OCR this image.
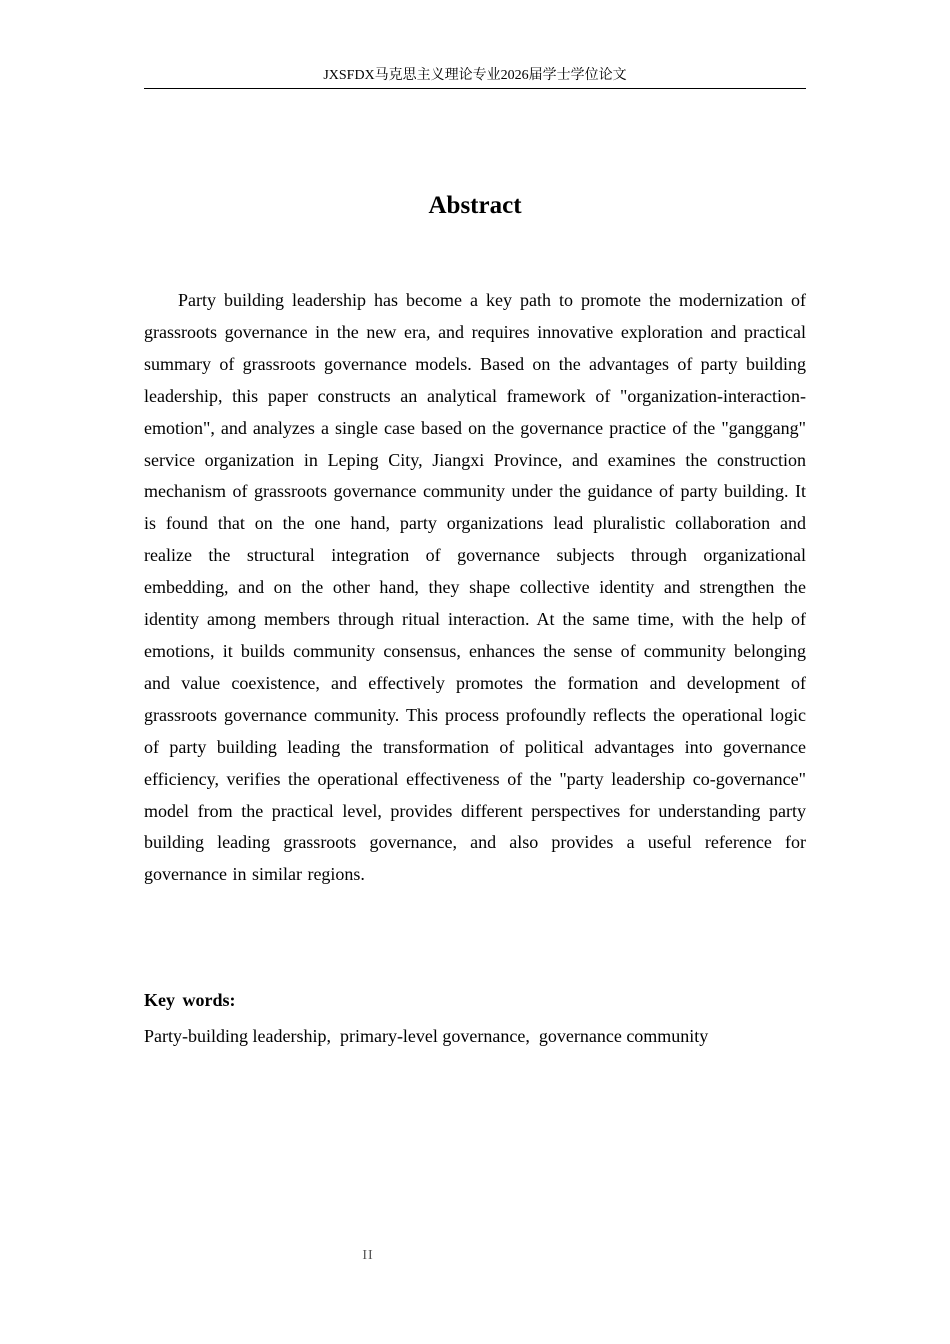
JXSFDX马克思主义理论专业2026届学士学位论文
Abstract

Party building leadership has become a key path to promote the modernization of grassroots governance in the new era, and requires innovative exploration and practical summary of grassroots governance models. Based on the advantages of party building leadership, this paper constructs an analytical framework of "organization-interaction-emotion", and analyzes a single case based on the governance practice of the "ganggang" service organization in Leping City, Jiangxi Province, and examines the construction mechanism of grassroots governance community under the guidance of party building. It is found that on the one hand, party organizations lead pluralistic collaboration and realize the structural integration of governance subjects through organizational embedding, and on the other hand, they shape collective identity and strengthen the identity among members through ritual interaction. At the same time, with the help of emotions, it builds community consensus, enhances the sense of community belonging and value coexistence, and effectively promotes the formation and development of grassroots governance community. This process profoundly reflects the operational logic of party building leading the transformation of political advantages into governance efficiency, verifies the operational effectiveness of the "party leadership co-governance" model from the practical level, provides different perspectives for understanding party building leading grassroots governance, and also provides a useful reference for governance in similar regions.

Key words:
Party-building leadership,  primary-level governance,  governance community
II
